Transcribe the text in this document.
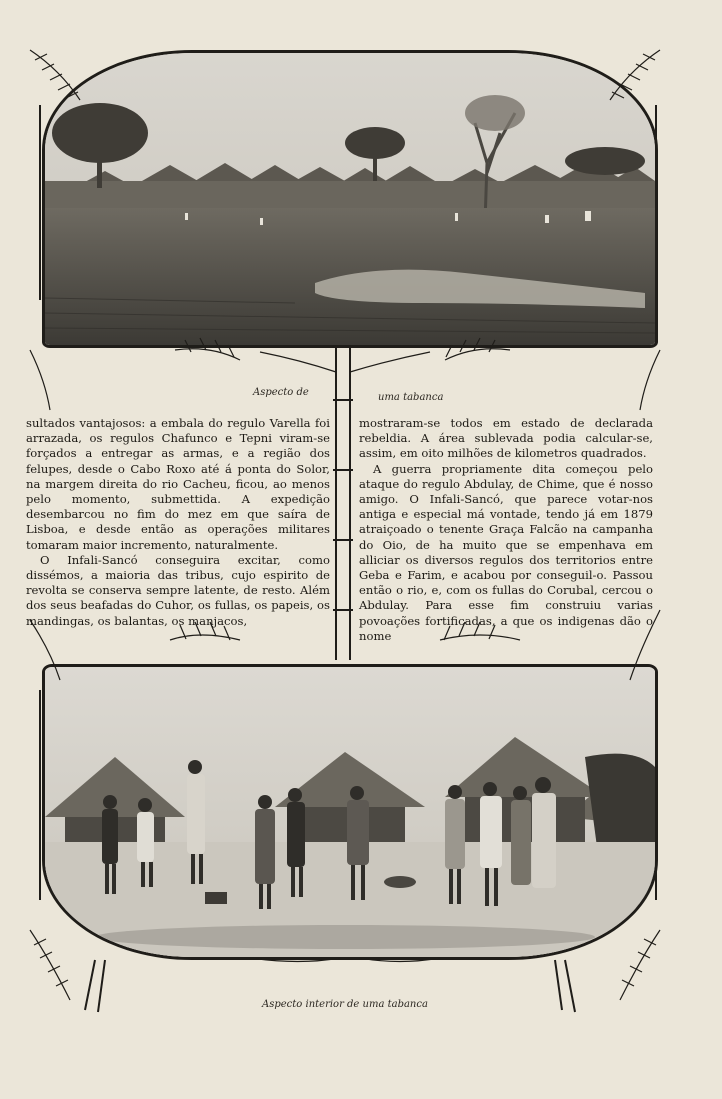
Aspecto de	uma tabanca

sultados vantajosos: a embala do regulo Varella foi arrazada, os regulos Chafunco e Tepni viram-se forçados a entregar as armas, e a região dos felupes, desde o Cabo Roxo até á ponta do Solor, na margem direita do rio Cacheu, ficou, ao menos pelo momento, submettida. A expedição desembarcou no fim do mez em que saíra de Lisboa, e desde então as operações militares tomaram maior incremento, naturalmente.

O Infali-Sancó conseguira excitar, como dissémos, a maioria das tribus, cujo espirito de revolta se conserva sempre latente, de resto. Além dos seus beafadas do Cuhor, os fullas, os papeis, os mandingas, os balantas, os manjacos,

mostraram-se todos em estado de declarada rebeldia. A área sublevada podia calcular-se, assim, em oito milhões de kilometros quadrados.

A guerra propriamente dita começou pelo ataque do regulo Abdulay, de Chime, que é nosso amigo. O Infali-Sancó, que parece votar-nos antiga e especial má vontade, tendo já em 1879 atraiçoado o tenente Graça Falcão na campanha do Oio, de ha muito que se empenhava em alliciar os diversos regulos dos territorios entre Geba e Farim, e acabou por conseguil-o. Passou então o rio, e, com os fullas do Corubal, cercou o Abdulay. Para esse fim construiu varias povoações fortificadas, a que os indigenas dão o nome

Aspecto interior de uma tabanca
